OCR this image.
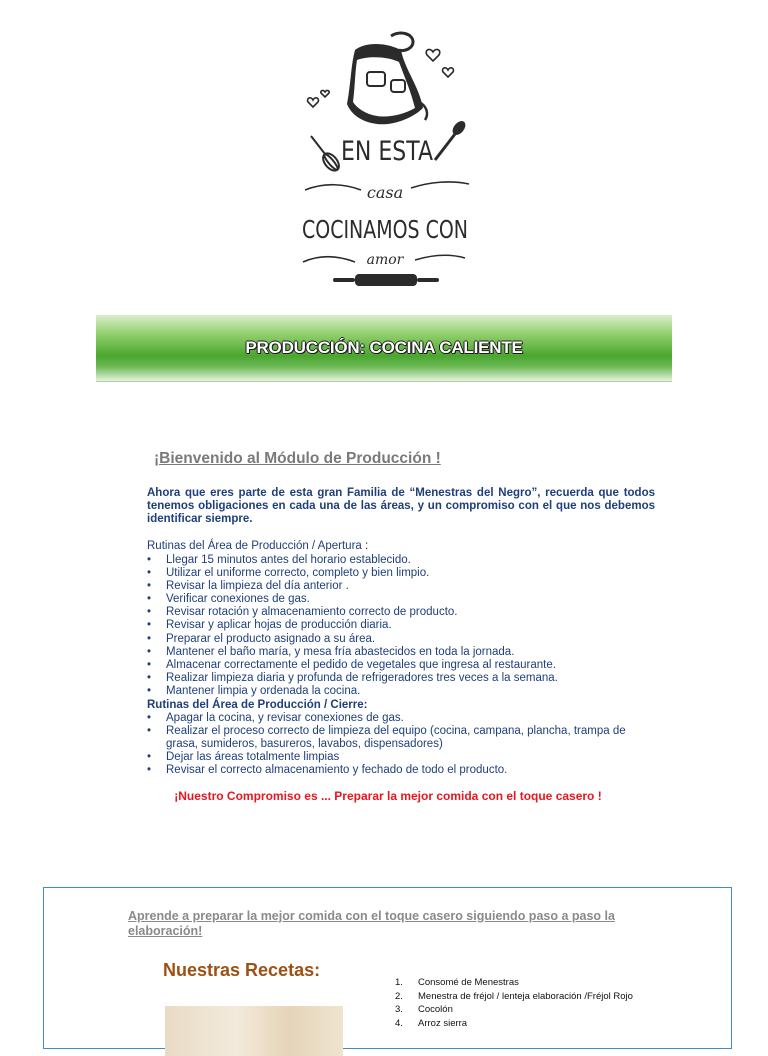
EN ESTA
casa
COCINAMOS CON
amor
PRODUCCIÓN: COCINA CALIENTE
¡Bienvenido al Módulo de Producción !
Ahora que eres parte de esta gran Familia de “Menestras del Negro”, recuerda que todos tenemos obligaciones en cada una de las áreas, y un compromiso con el que nos debemos identificar siempre.
Rutinas del Área de Producción / Apertura :
• Llegar 15 minutos antes del horario establecido.
• Utilizar el uniforme correcto, completo y bien limpio.
• Revisar la limpieza del día anterior .
• Verificar conexiones de gas.
• Revisar rotación y almacenamiento correcto de producto.
• Revisar y aplicar hojas de producción diaria.
• Preparar el producto asignado a su área.
• Mantener el baño maría, y mesa fría abastecidos en toda la jornada.
• Almacenar correctamente el pedido de vegetales que ingresa al restaurante.
• Realizar limpieza diaria y profunda de refrigeradores tres veces a la semana.
• Mantener limpia y ordenada la cocina.
Rutinas del Área de Producción / Cierre:
• Apagar la cocina, y revisar conexiones de gas.
• Realizar el proceso correcto de limpieza del equipo (cocina, campana, plancha, trampa de grasa, sumideros, basureros, lavabos, dispensadores)
• Dejar las áreas totalmente limpias
• Revisar el correcto almacenamiento y fechado de todo el producto.
¡Nuestro Compromiso es ... Preparar la mejor comida con el toque casero !
Aprende a preparar la mejor comida con el toque casero siguiendo paso a paso la elaboración!
Nuestras Recetas:
1.	Consomé de Menestras
2.	Menestra de fréjol / lenteja elaboración /Fréjol Rojo
3.	Cocolón
4.	Arroz sierra
